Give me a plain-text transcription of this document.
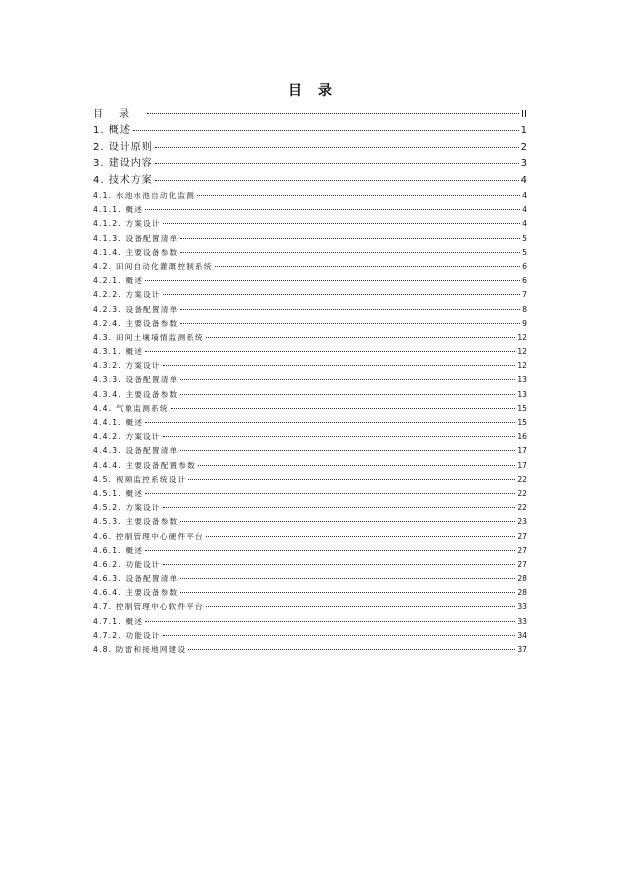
目录
目录	II
1. 概述	1
2. 设计原则	2
3. 建设内容	3
4. 技术方案	4
4.1. 水池水池自动化监测	4
4.1.1. 概述	4
4.1.2. 方案设计	4
4.1.3. 设备配置清单	5
4.1.4. 主要设备参数	5
4.2. 田间自动化灌溉控制系统	6
4.2.1. 概述	6
4.2.2. 方案设计	7
4.2.3. 设备配置清单	8
4.2.4. 主要设备参数	9
4.3. 田间土壤墒情监测系统	12
4.3.1. 概述	12
4.3.2. 方案设计	12
4.3.3. 设备配置清单	13
4.3.4. 主要设备参数	13
4.4. 气象监测系统	15
4.4.1. 概述	15
4.4.2. 方案设计	16
4.4.3. 设备配置清单	17
4.4.4. 主要设备配置参数	17
4.5. 视频监控系统设计	22
4.5.1. 概述	22
4.5.2. 方案设计	22
4.5.3. 主要设备参数	23
4.6. 控制管理中心硬件平台	27
4.6.1. 概述	27
4.6.2. 功能设计	27
4.6.3. 设备配置清单	28
4.6.4. 主要设备参数	28
4.7. 控制管理中心软件平台	33
4.7.1. 概述	33
4.7.2. 功能设计	34
4.8. 防雷和接地网建设	37
